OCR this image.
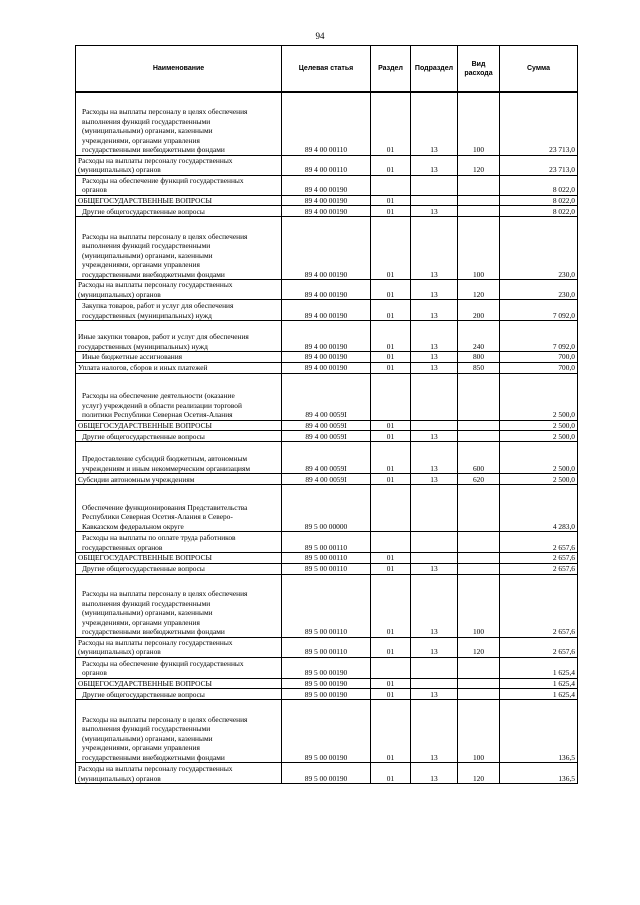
94
Наименование	Целевая статья	Раздел	Подраздел	Вид
расхода	Сумма

Расходы на выплаты персоналу в целях обеспечения
выполнения функций государственными
(муниципальными) органами, казенными
учреждениями, органами управления
государственными внебюджетными фондами	89 4 00 00110	01	13	100	23 713,0

Расходы на выплаты персоналу государственных
(муниципальных) органов	89 4 00 00110	01	13	120	23 713,0

Расходы на обеспечение функций государственных
органов	89 4 00 00190				8 022,0

ОБЩЕГОСУДАРСТВЕННЫЕ ВОПРОСЫ	89 4 00 00190	01			8 022,0

Другие общегосударственные вопросы	89 4 00 00190	01	13		8 022,0

Расходы на выплаты персоналу в целях обеспечения
выполнения функций государственными
(муниципальными) органами, казенными
учреждениями, органами управления
государственными внебюджетными фондами	89 4 00 00190	01	13	100	230,0

Расходы на выплаты персоналу государственных
(муниципальных) органов	89 4 00 00190	01	13	120	230,0

Закупка товаров, работ и услуг для обеспечения
государственных (муниципальных) нужд	89 4 00 00190	01	13	200	7 092,0

Иные закупки товаров, работ и услуг для обеспечения
государственных (муниципальных) нужд	89 4 00 00190	01	13	240	7 092,0

Иные бюджетные ассигнования	89 4 00 00190	01	13	800	700,0

Уплата налогов, сборов и иных платежей	89 4 00 00190	01	13	850	700,0

Расходы на обеспечение деятельности (оказание
услуг) учреждений в области реализации торговой
политики Республики Северная Осетия-Алания	89 4 00 0059I				2 500,0

ОБЩЕГОСУДАРСТВЕННЫЕ ВОПРОСЫ	89 4 00 0059I	01			2 500,0

Другие общегосударственные вопросы	89 4 00 0059I	01	13		2 500,0

Предоставление субсидий бюджетным, автономным
учреждениям и иным некоммерческим организациям	89 4 00 0059I	01	13	600	2 500,0

Субсидии автономным учреждениям	89 4 00 0059I	01	13	620	2 500,0

Обеспечение функционирования Представительства
Республики Северная Осетия-Алания в Северо-
Кавказском федеральном округе	89 5 00 00000				4 283,0

Расходы на выплаты по оплате труда работников
государственных органов	89 5 00 00110				2 657,6

ОБЩЕГОСУДАРСТВЕННЫЕ ВОПРОСЫ	89 5 00 00110	01			2 657,6

Другие общегосударственные вопросы	89 5 00 00110	01	13		2 657,6

Расходы на выплаты персоналу в целях обеспечения
выполнения функций государственными
(муниципальными) органами, казенными
учреждениями, органами управления
государственными внебюджетными фондами	89 5 00 00110	01	13	100	2 657,6

Расходы на выплаты персоналу государственных
(муниципальных) органов	89 5 00 00110	01	13	120	2 657,6

Расходы на обеспечение функций государственных
органов	89 5 00 00190				1 625,4

ОБЩЕГОСУДАРСТВЕННЫЕ ВОПРОСЫ	89 5 00 00190	01			1 625,4

Другие общегосударственные вопросы	89 5 00 00190	01	13		1 625,4

Расходы на выплаты персоналу в целях обеспечения
выполнения функций государственными
(муниципальными) органами, казенными
учреждениями, органами управления
государственными внебюджетными фондами	89 5 00 00190	01	13	100	136,5

Расходы на выплаты персоналу государственных
(муниципальных) органов	89 5 00 00190	01	13	120	136,5
